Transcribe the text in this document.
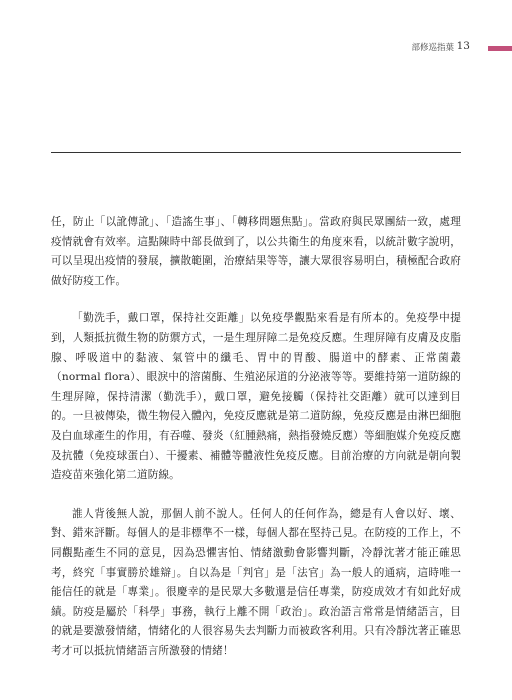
部修巡指葉 13

任，防止「以訛傳訛」、「造謠生事」、「轉移問題焦點」。當政府與民眾團結一致，處理疫情就會有效率。這點陳時中部長做到了，以公共衛生的角度來看，以統計數字說明，可以呈現出疫情的發展，擴散範圍，治療結果等等，讓大眾很容易明白，積極配合政府做好防疫工作。

「勤洗手，戴口罩，保持社交距離」以免疫學觀點來看是有所本的。免疫學中提到，人類抵抗微生物的防禦方式，一是生理屏障二是免疫反應。生理屏障有皮膚及皮脂腺、呼吸道中的黏液、氣管中的纖毛、胃中的胃酸、腸道中的酵素、正常菌叢（normal flora）、眼淚中的溶菌酶、生殖泌尿道的分泌液等等。要維持第一道防線的生理屏障，保持清潔（勤洗手），戴口罩，避免接觸（保持社交距離）就可以達到目的。一旦被傳染，微生物侵入體內，免疫反應就是第二道防線，免疫反應是由淋巴細胞及白血球產生的作用，有吞噬、發炎（紅腫熱痛，熱指發燒反應）等細胞媒介免疫反應及抗體（免疫球蛋白）、干擾素、補體等體液性免疫反應。目前治療的方向就是朝向製造疫苗來強化第二道防線。

誰人背後無人說，那個人前不說人。任何人的任何作為，總是有人會以好、壞、對、錯來評斷。每個人的是非標準不一樣，每個人都在堅持己見。在防疫的工作上，不同觀點產生不同的意見，因為恐懼害怕、情緒激動會影響判斷，冷靜沈著才能正確思考，終究「事實勝於雄辯」。自以為是「判官」是「法官」為一般人的通病，這時唯一能信任的就是「專業」。很慶幸的是民眾大多數還是信任專業，防疫成效才有如此好成績。防疫是屬於「科學」事務，執行上離不開「政治」。政治語言常常是情緒語言，目的就是要激發情緒，情緒化的人很容易失去判斷力而被政客利用。只有冷靜沈著正確思考才可以抵抗情緒語言所激發的情緒！
